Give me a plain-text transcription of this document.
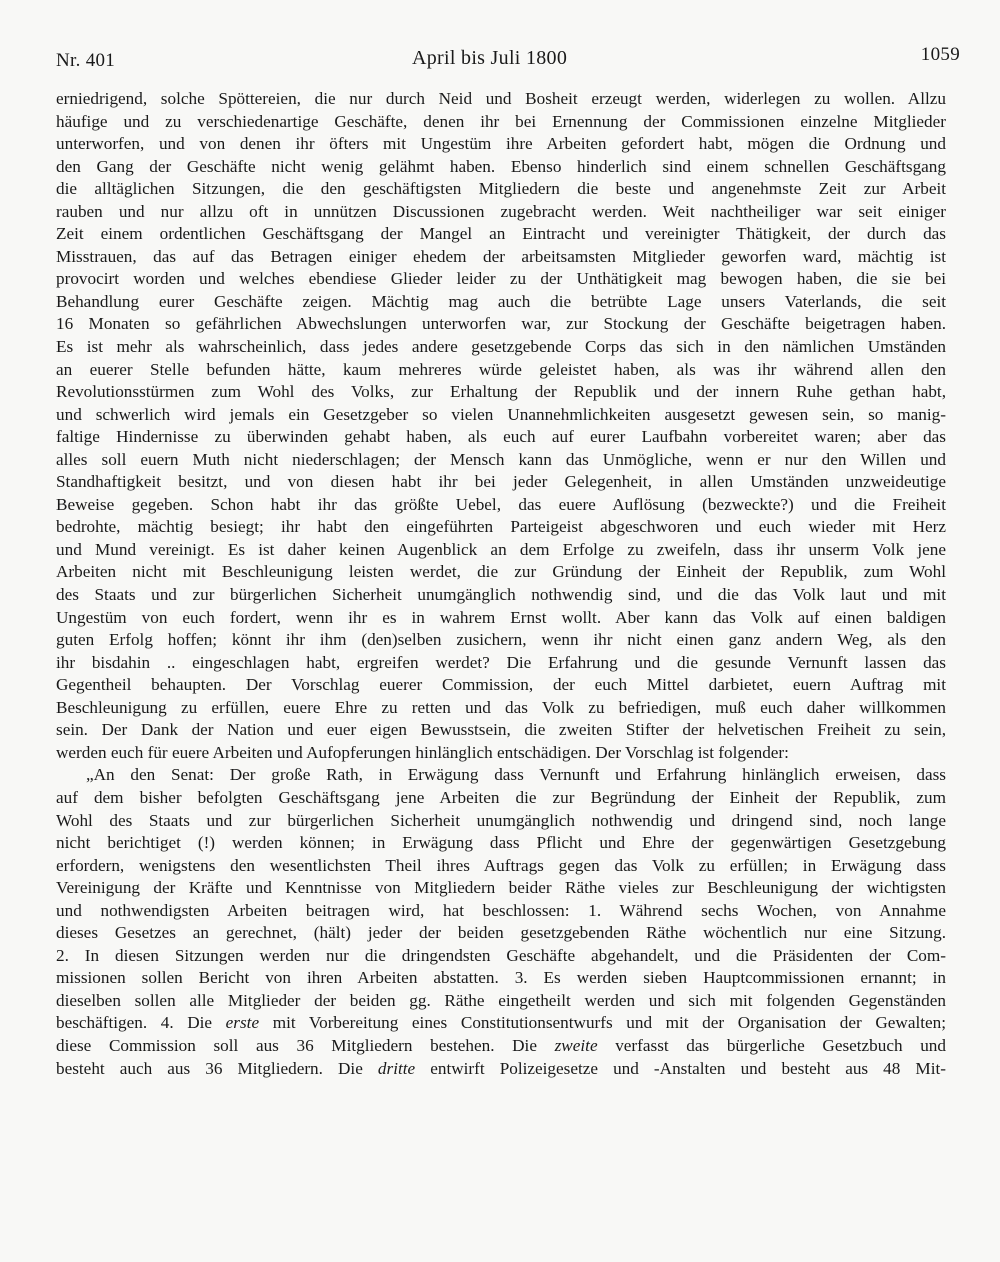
Nr. 401	April bis Juli 1800	1059
erniedrigend, solche Spöttereien, die nur durch Neid und Bosheit erzeugt werden, widerlegen zu wollen. Allzu
häufige und zu verschiedenartige Geschäfte, denen ihr bei Ernennung der Commissionen einzelne Mitglieder
unterworfen, und von denen ihr öfters mit Ungestüm ihre Arbeiten gefordert habt, mögen die Ordnung und
den Gang der Geschäfte nicht wenig gelähmt haben. Ebenso hinderlich sind einem schnellen Geschäftsgang
die alltäglichen Sitzungen, die den geschäftigsten Mitgliedern die beste und angenehmste Zeit zur Arbeit
rauben und nur allzu oft in unnützen Discussionen zugebracht werden. Weit nachtheiliger war seit einiger
Zeit einem ordentlichen Geschäftsgang der Mangel an Eintracht und vereinigter Thätigkeit, der durch das
Misstrauen, das auf das Betragen einiger ehedem der arbeitsamsten Mitglieder geworfen ward, mächtig ist
provocirt worden und welches ebendiese Glieder leider zu der Unthätigkeit mag bewogen haben, die sie bei
Behandlung eurer Geschäfte zeigen. Mächtig mag auch die betrübte Lage unsers Vaterlands, die seit
16 Monaten so gefährlichen Abwechslungen unterworfen war, zur Stockung der Geschäfte beigetragen haben.
Es ist mehr als wahrscheinlich, dass jedes andere gesetzgebende Corps das sich in den nämlichen Umständen
an euerer Stelle befunden hätte, kaum mehreres würde geleistet haben, als was ihr während allen den
Revolutionsstürmen zum Wohl des Volks, zur Erhaltung der Republik und der innern Ruhe gethan habt,
und schwerlich wird jemals ein Gesetzgeber so vielen Unannehmlichkeiten ausgesetzt gewesen sein, so manig-
faltige Hindernisse zu überwinden gehabt haben, als euch auf eurer Laufbahn vorbereitet waren; aber das
alles soll euern Muth nicht niederschlagen; der Mensch kann das Unmögliche, wenn er nur den Willen und
Standhaftigkeit besitzt, und von diesen habt ihr bei jeder Gelegenheit, in allen Umständen unzweideutige
Beweise gegeben. Schon habt ihr das größte Uebel, das euere Auflösung (bezweckte?) und die Freiheit
bedrohte, mächtig besiegt; ihr habt den eingeführten Parteigeist abgeschworen und euch wieder mit Herz
und Mund vereinigt. Es ist daher keinen Augenblick an dem Erfolge zu zweifeln, dass ihr unserm Volk jene
Arbeiten nicht mit Beschleunigung leisten werdet, die zur Gründung der Einheit der Republik, zum Wohl
des Staats und zur bürgerlichen Sicherheit unumgänglich nothwendig sind, und die das Volk laut und mit
Ungestüm von euch fordert, wenn ihr es in wahrem Ernst wollt. Aber kann das Volk auf einen baldigen
guten Erfolg hoffen; könnt ihr ihm (den)selben zusichern, wenn ihr nicht einen ganz andern Weg, als den
ihr bisdahin .. eingeschlagen habt, ergreifen werdet? Die Erfahrung und die gesunde Vernunft lassen das
Gegentheil behaupten. Der Vorschlag euerer Commission, der euch Mittel darbietet, euern Auftrag mit
Beschleunigung zu erfüllen, euere Ehre zu retten und das Volk zu befriedigen, muß euch daher willkommen
sein. Der Dank der Nation und euer eigen Bewusstsein, die zweiten Stifter der helvetischen Freiheit zu sein,
werden euch für euere Arbeiten und Aufopferungen hinlänglich entschädigen. Der Vorschlag ist folgender:
„An den Senat: Der große Rath, in Erwägung dass Vernunft und Erfahrung hinlänglich erweisen, dass
auf dem bisher befolgten Geschäftsgang jene Arbeiten die zur Begründung der Einheit der Republik, zum
Wohl des Staats und zur bürgerlichen Sicherheit unumgänglich nothwendig und dringend sind, noch lange
nicht berichtiget (!) werden können; in Erwägung dass Pflicht und Ehre der gegenwärtigen Gesetzgebung
erfordern, wenigstens den wesentlichsten Theil ihres Auftrags gegen das Volk zu erfüllen; in Erwägung dass
Vereinigung der Kräfte und Kenntnisse von Mitgliedern beider Räthe vieles zur Beschleunigung der wichtigsten
und nothwendigsten Arbeiten beitragen wird, hat beschlossen: 1. Während sechs Wochen, von Annahme
dieses Gesetzes an gerechnet, (hält) jeder der beiden gesetzgebenden Räthe wöchentlich nur eine Sitzung.
2. In diesen Sitzungen werden nur die dringendsten Geschäfte abgehandelt, und die Präsidenten der Com-
missionen sollen Bericht von ihren Arbeiten abstatten. 3. Es werden sieben Hauptcommissionen ernannt; in
dieselben sollen alle Mitglieder der beiden gg. Räthe eingetheilt werden und sich mit folgenden Gegenständen
beschäftigen. 4. Die erste mit Vorbereitung eines Constitutionsentwurfs und mit der Organisation der Gewalten;
diese Commission soll aus 36 Mitgliedern bestehen. Die zweite verfasst das bürgerliche Gesetzbuch und
besteht auch aus 36 Mitgliedern. Die dritte entwirft Polizeigesetze und -Anstalten und besteht aus 48 Mit-
